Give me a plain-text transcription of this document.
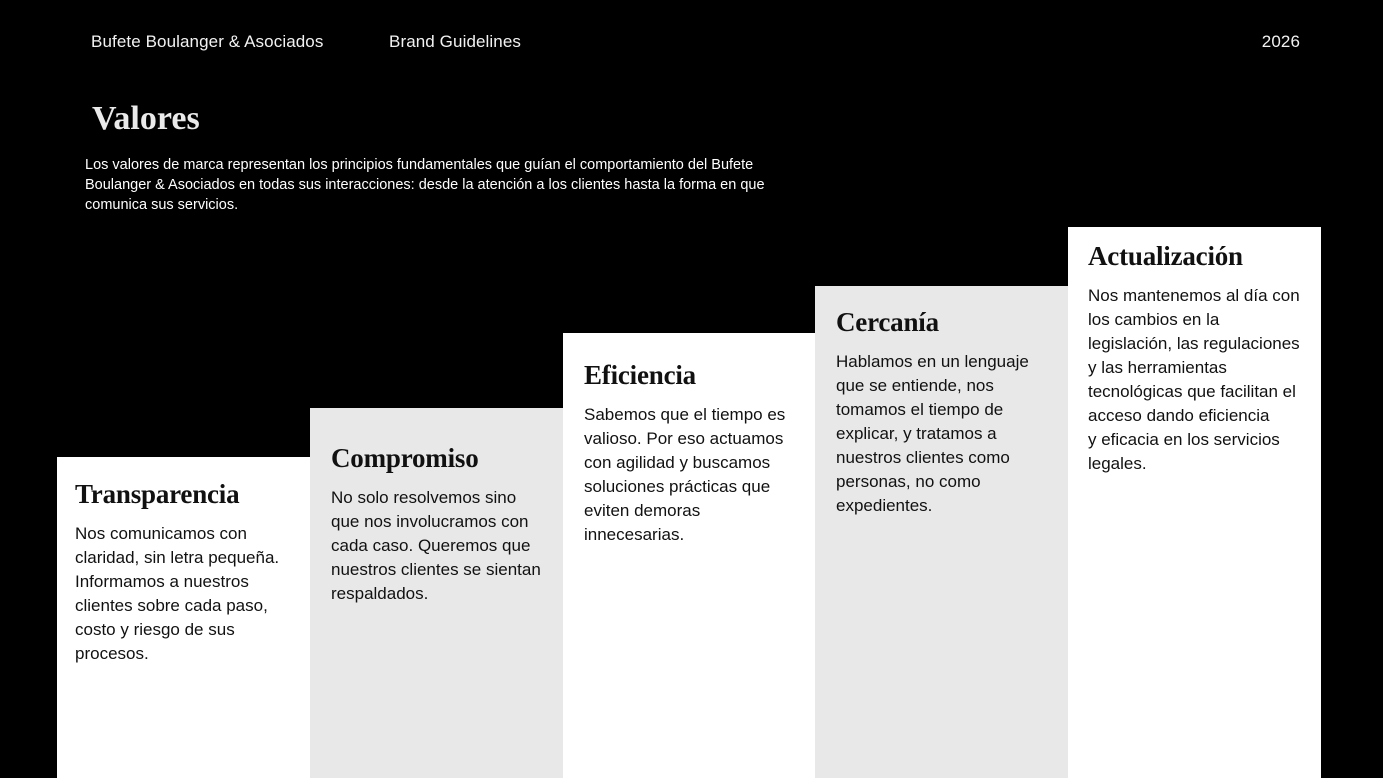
Bufete Boulanger & Asociados	Brand Guidelines	2026
Valores

Los valores de marca representan los principios fundamentales que guían el comportamiento del Bufete Boulanger & Asociados en todas sus interacciones: desde la atención a los clientes hasta la forma en que comunica sus servicios.

Transparencia

Nos comunicamos con claridad, sin letra pequeña. Informamos a nuestros clientes sobre cada paso, costo y riesgo de sus procesos.

Compromiso

No solo resolvemos sino que nos involucramos con cada caso. Queremos que nuestros clientes se sientan respaldados.

Eficiencia

Sabemos que el tiempo es valioso. Por eso actuamos con agilidad y buscamos soluciones prácticas que eviten demoras innecesarias.

Cercanía

Hablamos en un lenguaje que se entiende, nos tomamos el tiempo de explicar, y tratamos a nuestros clientes como personas, no como expedientes.

Actualización

Nos mantenemos al día con los cambios en la legislación, las regulaciones y las herramientas tecnológicas que facilitan el acceso dando eficiencia
y eficacia en los servicios legales.
